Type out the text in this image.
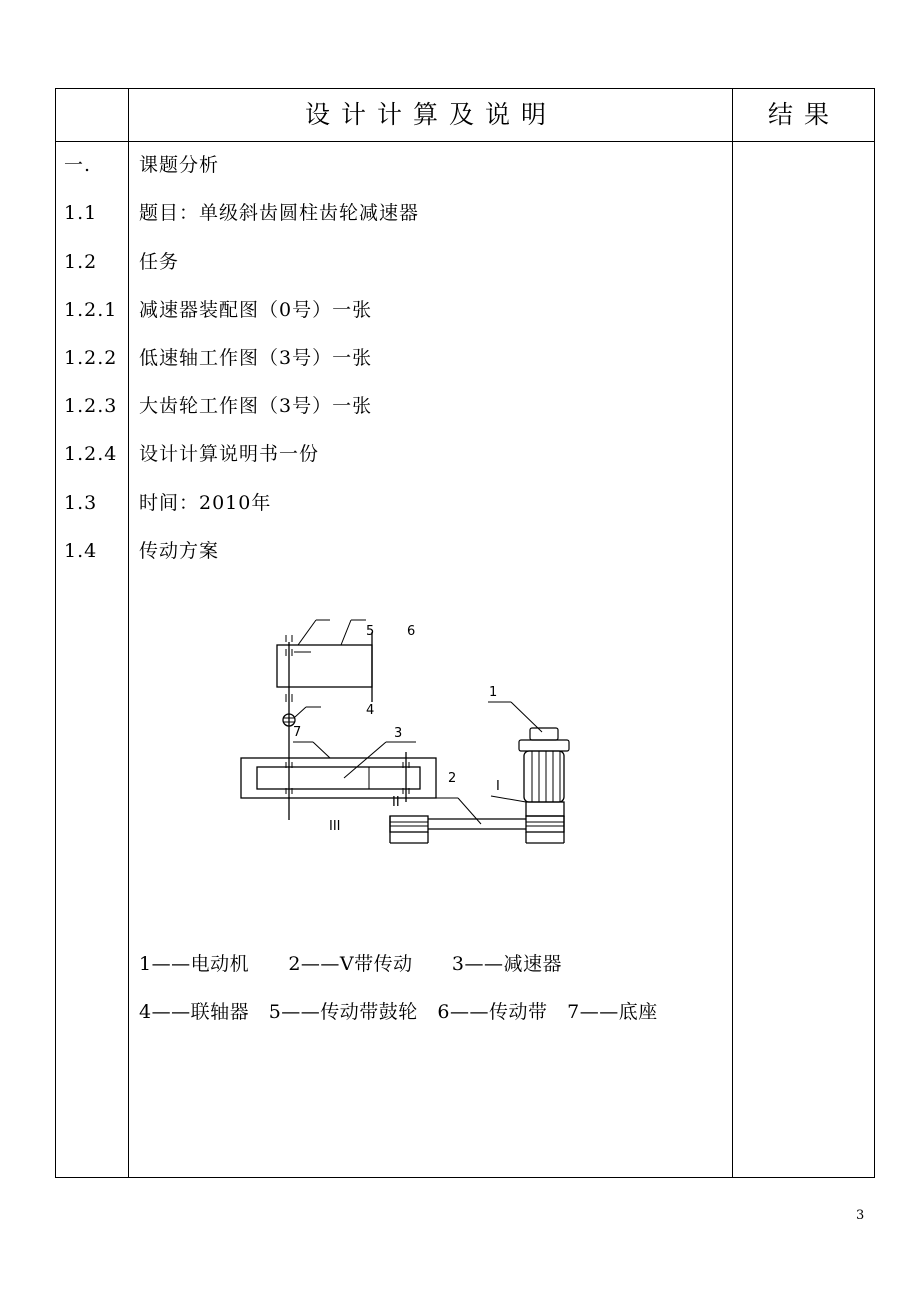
设计计算及说明	结果
一.	课题分析
1.1	题目：单级斜齿圆柱齿轮减速器
1.2	任务
1.2.1	减速器装配图（0号）一张
1.2.2	低速轴工作图（3号）一张
1.2.3	大齿轮工作图（3号）一张
1.2.4	设计计算说明书一份
1.3	时间：2010年
1.4	传动方案
1
2
3
4
5	6
7
I
II
III
1——电动机      2——V带传动      3——减速器
4——联轴器   5——传动带鼓轮   6——传动带   7——底座
3
